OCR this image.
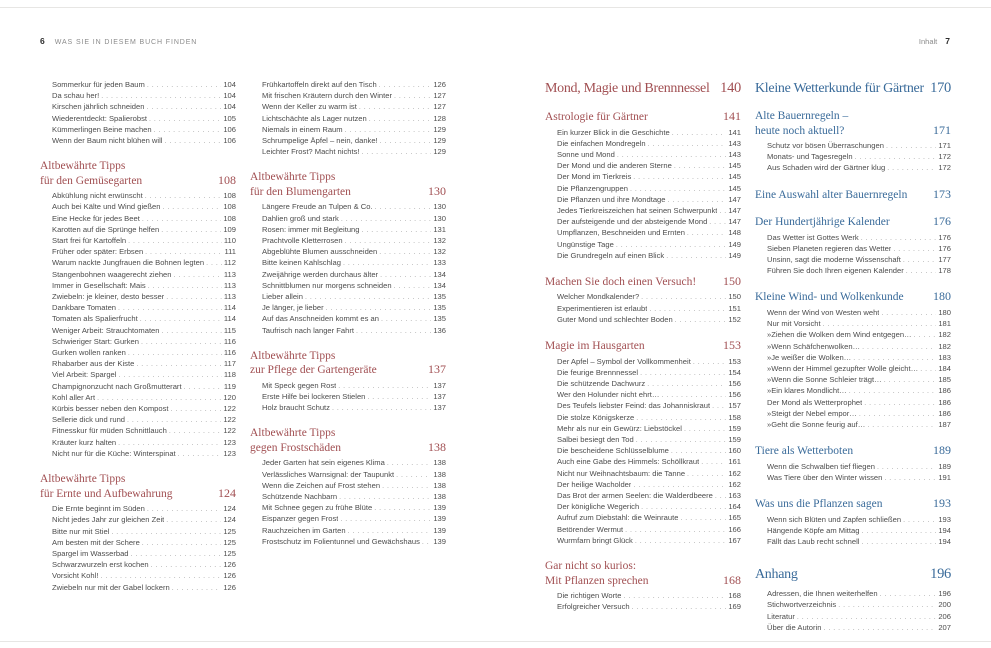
6 WAS SIE IN DIESEM BUCH FINDEN	Inhalt 7
Sommerkur für jeden Baum . . .	104
Da schau her! . . .	104
Kirschen jährlich schneiden . . .	104
Wiederentdeckt: Spalierobst . . .	105
Kümmerlingen Beine machen . . .	106
Wenn der Baum nicht blühen will . . .	106
Altbewährte Tipps
für den Gemüsegarten	108
Abkühlung nicht erwünscht . . .	108
Auch bei Kälte und Wind gießen . . .	108
Eine Hecke für jedes Beet . . .	108
Karotten auf die Sprünge helfen . . .	109
Start frei für Kartoffeln . . .	110
Früher oder später: Erbsen . . .	111
Warum nackte Jungfrauen die Bohnen legten . . .	112
Stangenbohnen waagerecht ziehen . . .	113
Immer in Gesellschaft: Mais . . .	113
Zwiebeln: je kleiner, desto besser . . .	113
Dankbare Tomaten . . .	114
Tomaten als Spalierfrucht . . .	114
Weniger Arbeit: Strauchtomaten . . .	115
Schwieriger Start: Gurken . . .	116
Gurken wollen ranken . . .	116
Rhabarber aus der Kiste . . .	117
Viel Arbeit: Spargel . . .	118
Champignonzucht nach Großmutterart . . .	119
Kohl aller Art . . .	120
Kürbis besser neben den Kompost . . .	122
Sellerie dick und rund . . .	122
Fitnesskur für müden Schnittlauch . . .	122
Kräuter kurz halten . . .	123
Nicht nur für die Küche: Winterspinat . . .	123
Altbewährte Tipps
für Ernte und Aufbewahrung	124
Die Ernte beginnt im Süden . . .	124
Nicht jedes Jahr zur gleichen Zeit . . .	124
Bitte nur mit Stiel . . .	125
Am besten mit der Schere . . .	125
Spargel im Wasserbad . . .	125
Schwarzwurzeln erst kochen . . .	126
Vorsicht Kohl! . . .	126
Zwiebeln nur mit der Gabel lockern . . .	126
Frühkartoffeln direkt auf den Tisch . . .	126
Mit frischen Kräutern durch den Winter . . .	127
Wenn der Keller zu warm ist . . .	127
Lichtschächte als Lager nutzen . . .	128
Niemals in einem Raum . . .	129
Schrumpelige Äpfel – nein, danke! . . .	129
Leichter Frost? Macht nichts! . . .	129
Altbewährte Tipps
für den Blumengarten	130
Längere Freude an Tulpen & Co. . . .	130
Dahlien groß und stark . . .	130
Rosen: immer mit Begleitung . . .	131
Prachtvolle Kletterrosen . . .	132
Abgeblühte Blumen ausschneiden . . .	132
Bitte keinen Kahlschlag . . .	133
Zweijährige werden durchaus älter . . .	134
Schnittblumen nur morgens schneiden . . .	134
Lieber allein . . .	135
Je länger, je lieber . . .	135
Auf das Anschneiden kommt es an . . .	135
Taufrisch nach langer Fahrt . . .	136
Altbewährte Tipps
zur Pflege der Gartengeräte	137
Mit Speck gegen Rost . . .	137
Erste Hilfe bei lockeren Stielen . . .	137
Holz braucht Schutz . . .	137
Altbewährte Tipps
gegen Frostschäden	138
Jeder Garten hat sein eigenes Klima . . .	138
Verlässliches Warnsignal: der Taupunkt . . .	138
Wenn die Zeichen auf Frost stehen . . .	138
Schützende Nachbarn . . .	138
Mit Schnee gegen zu frühe Blüte . . .	139
Eispanzer gegen Frost . . .	139
Rauchzeichen im Garten . . .	139
Frostschutz im Folientunnel und Gewächshaus . . . 139
Mond, Magie und Brennnessel 140
Astrologie für Gärtner	141
Ein kurzer Blick in die Geschichte . . .	141
Die einfachen Mondregeln . . .	143
Sonne und Mond . . .	143
Der Mond und die anderen Sterne . . .	145
Der Mond im Tierkreis . . .	145
Die Pflanzengruppen . . .	145
Die Pflanzen und ihre Mondtage . . .	147
Jedes Tierkreiszeichen hat seinen Schwerpunkt . . . 147
Der aufsteigende und der absteigende Mond . . .	147
Umpflanzen, Beschneiden und Ernten . . .	148
Ungünstige Tage . . .	149
Die Grundregeln auf einen Blick . . .	149
Machen Sie doch einen Versuch! 150
Welcher Mondkalender? . . .	150
Experimentieren ist erlaubt . . .	151
Guter Mond und schlechter Boden . . .	152
Magie im Hausgarten	153
Der Apfel – Symbol der Vollkommenheit . . .	153
Die feurige Brennnessel . . .	154
Die schützende Dachwurz . . .	156
Wer den Holunder nicht ehrt… . . .	156
Des Teufels liebster Feind: das Johanniskraut . . . 157
Die stolze Königskerze . . .	158
Mehr als nur ein Gewürz: Liebstöckel . . .	159
Salbei besiegt den Tod . . .	159
Die bescheidene Schlüsselblume . . .	160
Auch eine Gabe des Himmels: Schöllkraut . . .	161
Nicht nur Weihnachtsbaum: die Tanne . . .	162
Der heilige Wacholder . . .	162
Das Brot der armen Seelen: die Walderdbeere . . . 163
Der königliche Wegerich . . .	164
Aufruf zum Diebstahl: die Weinraute . . .	165
Betörender Wermut . . .	166
Wurmfarn bringt Glück . . .	167
Gar nicht so kurios:
Mit Pflanzen sprechen	168
Die richtigen Worte . . .	168
Erfolgreicher Versuch . . .	169
Kleine Wetterkunde für Gärtner 170
Alte Bauernregeln –
heute noch aktuell?	171
Schutz vor bösen Überraschungen . . .	171
Monats- und Tagesregeln . . .	172
Aus Schaden wird der Gärtner klug . . .	172
Eine Auswahl alter Bauernregeln 173
Der Hundertjährige Kalender	176
Das Wetter ist Gottes Werk . . .	176
Sieben Planeten regieren das Wetter . . .	176
Unsinn, sagt die moderne Wissenschaft . . .	177
Führen Sie doch Ihren eigenen Kalender . . .	178
Kleine Wind- und Wolkenkunde 180
Wenn der Wind von Westen weht . . .	180
Nur mit Vorsicht . . .	181
»Ziehen die Wolken dem Wind entgegen… . . .	182
»Wenn Schäfchenwolken… . . .	182
»Je weißer die Wolken… . . .	183
»Wenn der Himmel gezupfter Wolle gleicht… . . .	184
»Wenn die Sonne Schleier trägt… . . .	185
»Ein klares Mondlicht… . . .	186
Der Mond als Wetterprophet . . .	186
»Steigt der Nebel empor… . . .	186
»Geht die Sonne feurig auf… . . .	187
Tiere als Wetterboten	189
Wenn die Schwalben tief fliegen . . .	189
Was Tiere über den Winter wissen . . .	191
Was uns die Pflanzen sagen	193
Wenn sich Blüten und Zapfen schließen . . .	193
Hängende Köpfe am Mittag . . .	194
Fällt das Laub recht schnell . . .	194
Anhang	196
Adressen, die Ihnen weiterhelfen . . .	196
Stichwortverzeichnis . . .	200
Literatur . . .	206
Über die Autorin . . .	207
